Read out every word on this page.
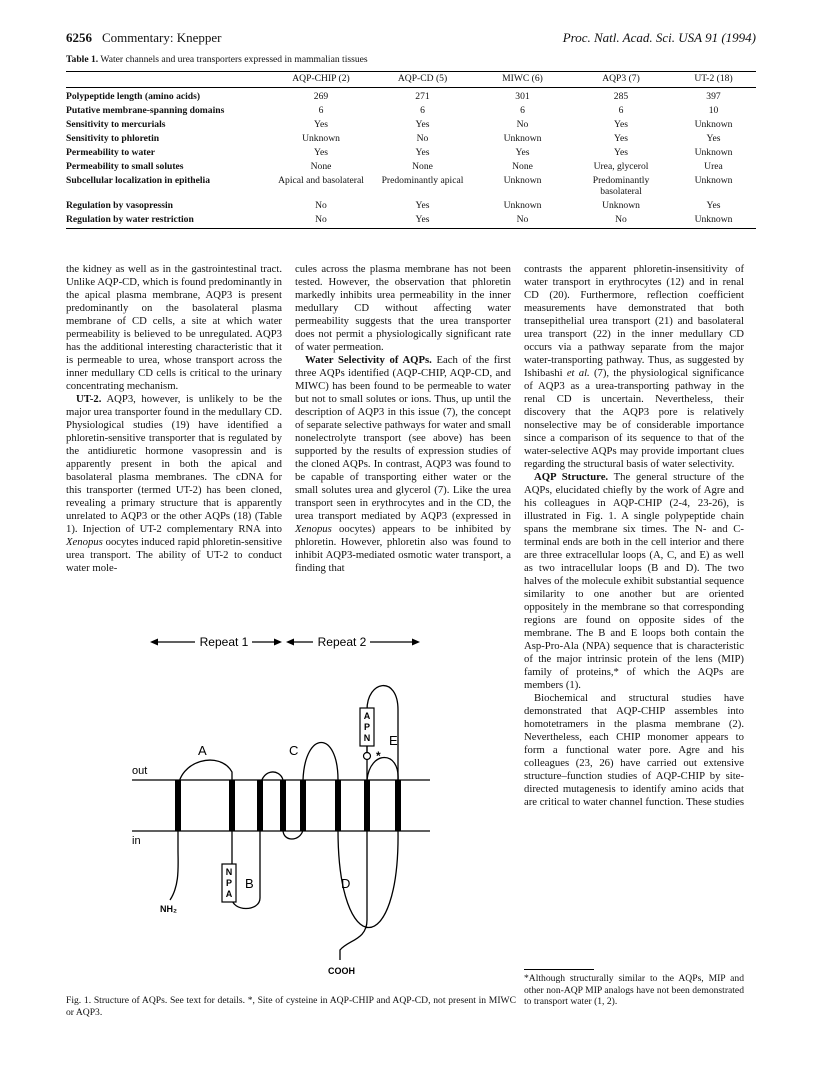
6256 Commentary: Knepper	Proc. Natl. Acad. Sci. USA 91 (1994)
Table 1. Water channels and urea transporters expressed in mammalian tissues
	AQP-CHIP (2)	AQP-CD (5)	MIWC (6)	AQP3 (7)	UT-2 (18)
Polypeptide length (amino acids)	269	271	301	285	397
Putative membrane-spanning domains	6	6	6	6	10
Sensitivity to mercurials	Yes	Yes	No	Yes	Unknown
Sensitivity to phloretin	Unknown	No	Unknown	Yes	Yes
Permeability to water	Yes	Yes	Yes	Yes	Unknown
Permeability to small solutes	None	None	None	Urea, glycerol	Urea
Subcellular localization in epithelia	Apical and basolateral	Predominantly apical	Unknown	Predominantly basolateral	Unknown
Regulation by vasopressin	No	Yes	Unknown	Unknown	Yes
Regulation by water restriction	No	Yes	No	No	Unknown

the kidney as well as in the gastrointestinal tract. Unlike AQP-CD, which is found predominantly in the apical plasma membrane, AQP3 is present predominantly on the basolateral plasma membrane of CD cells, a site at which water permeability is believed to be unregulated. AQP3 has the additional interesting characteristic that it is permeable to urea, whose transport across the inner medullary CD cells is critical to the urinary concentrating mechanism.

UT-2. AQP3, however, is unlikely to be the major urea transporter found in the medullary CD. Physiological studies (19) have identified a phloretin-sensitive transporter that is regulated by the antidiuretic hormone vasopressin and is apparently present in both the apical and basolateral plasma membranes. The cDNA for this transporter (termed UT-2) has been cloned, revealing a primary structure that is apparently unrelated to AQP3 or the other AQPs (18) (Table 1). Injection of UT-2 complementary RNA into Xenopus oocytes induced rapid phloretin-sensitive urea transport. The ability of UT-2 to conduct water mole-

cules across the plasma membrane has not been tested. However, the observation that phloretin markedly inhibits urea permeability in the inner medullary CD without affecting water permeability suggests that the urea transporter does not permit a physiologically significant rate of water permeation.

Water Selectivity of AQPs. Each of the first three AQPs identified (AQP-CHIP, AQP-CD, and MIWC) has been found to be permeable to water but not to small solutes or ions. Thus, up until the description of AQP3 in this issue (7), the concept of separate selective pathways for water and small nonelectrolyte transport (see above) has been supported by the results of expression studies of the cloned AQPs. In contrast, AQP3 was found to be capable of transporting either water or the small solutes urea and glycerol (7). Like the urea transport seen in erythrocytes and in the CD, the urea transport mediated by AQP3 (expressed in Xenopus oocytes) appears to be inhibited by phloretin. However, phloretin also was found to inhibit AQP3-mediated osmotic water transport, a finding that

contrasts the apparent phloretin-insensitivity of water transport in erythrocytes (12) and in renal CD (20). Furthermore, reflection coefficient measurements have demonstrated that both transepithelial urea transport (21) and basolateral urea transport (22) in the inner medullary CD occurs via a pathway separate from the major water-transporting pathway. Thus, as suggested by Ishibashi et al. (7), the physiological significance of AQP3 as a urea-transporting pathway in the renal CD is uncertain. Nevertheless, their discovery that the AQP3 pore is relatively nonselective may be of considerable importance since a comparison of its sequence to that of the water-selective AQPs may provide important clues regarding the structural basis of water selectivity.

AQP Structure. The general structure of the AQPs, elucidated chiefly by the work of Agre and his colleagues in AQP-CHIP (2-4, 23-26), is illustrated in Fig. 1. A single polypeptide chain spans the membrane six times. The N- and C-terminal ends are both in the cell interior and there are three extracellular loops (A, C, and E) as well as two intracellular loops (B and D). The two halves of the molecule exhibit substantial sequence similarity to one another but are oriented oppositely in the membrane so that corresponding regions are found on opposite sides of the membrane. The B and E loops both contain the Asp-Pro-Ala (NPA) sequence that is characteristic of the major intrinsic protein of the lens (MIP) family of proteins,* of which the AQPs are members (1).

Biochemical and structural studies have demonstrated that AQP-CHIP assembles into homotetramers in the plasma membrane (2). Nevertheless, each CHIP monomer appears to form a functional water pore. Agre and his colleagues (23, 26) have carried out extensive structure–function studies of AQP-CHIP by site-directed mutagenesis to identify amino acids that are critical to water channel function. These studies

*Although structurally similar to the AQPs, MIP and other non-AQP MIP analogs have not been demonstrated to transport water (1, 2).
Repeat 1	Repeat 2
out
in
A	C
E
B	D
N
P
A
A
P
N
*
NH₂
COOH
Fig. 1. Structure of AQPs. See text for details. *, Site of cysteine in AQP-CHIP and AQP-CD, not present in MIWC or AQP3.
